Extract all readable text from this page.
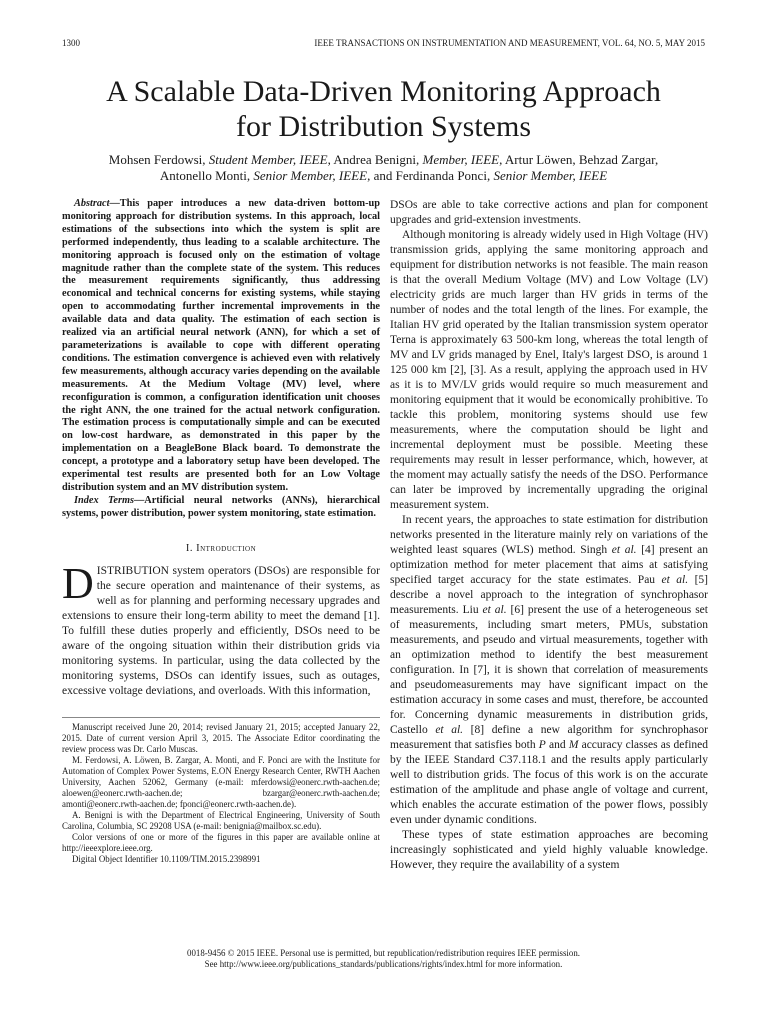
1300	IEEE TRANSACTIONS ON INSTRUMENTATION AND MEASUREMENT, VOL. 64, NO. 5, MAY 2015
A Scalable Data-Driven Monitoring Approach
for Distribution Systems
Mohsen Ferdowsi, Student Member, IEEE, Andrea Benigni, Member, IEEE, Artur Löwen, Behzad Zargar,
Antonello Monti, Senior Member, IEEE, and Ferdinanda Ponci, Senior Member, IEEE

Abstract—This paper introduces a new data-driven bottom-up monitoring approach for distribution systems. In this approach, local estimations of the subsections into which the system is split are performed independently, thus leading to a scalable architecture. The monitoring approach is focused only on the estimation of voltage magnitude rather than the complete state of the system. This reduces the measurement requirements significantly, thus addressing economical and technical concerns for existing systems, while staying open to accommodating further incremental improvements in the available data and data quality. The estimation of each section is realized via an artificial neural network (ANN), for which a set of parameterizations is available to cope with different operating conditions. The estimation convergence is achieved even with relatively few measurements, although accuracy varies depending on the available measurements. At the Medium Voltage (MV) level, where reconfiguration is common, a configuration identification unit chooses the right ANN, the one trained for the actual network configuration. The estimation process is computationally simple and can be executed on low-cost hardware, as demonstrated in this paper by the implementation on a BeagleBone Black board. To demonstrate the concept, a prototype and a laboratory setup have been developed. The experimental test results are presented both for an Low Voltage distribution system and an MV distribution system.

Index Terms—Artificial neural networks (ANNs), hierarchical systems, power distribution, power system monitoring, state estimation.

I. Introduction

DISTRIBUTION system operators (DSOs) are responsible for the secure operation and maintenance of their systems, as well as for planning and performing necessary upgrades and extensions to ensure their long-term ability to meet the demand [1]. To fulfill these duties properly and efficiently, DSOs need to be aware of the ongoing situation within their distribution grids via monitoring systems. In particular, using the data collected by the monitoring systems, DSOs can identify issues, such as outages, excessive voltage deviations, and overloads. With this information,

Manuscript received June 20, 2014; revised January 21, 2015; accepted January 22, 2015. Date of current version April 3, 2015. The Associate Editor coordinating the review process was Dr. Carlo Muscas.

M. Ferdowsi, A. Löwen, B. Zargar, A. Monti, and F. Ponci are with the Institute for Automation of Complex Power Systems, E.ON Energy Research Center, RWTH Aachen University, Aachen 52062, Germany (e-mail: mferdowsi@eonerc.rwth-aachen.de; aloewen@eonerc.rwth-aachen.de; bzargar@eonerc.rwth-aachen.de; amonti@eonerc.rwth-aachen.de; fponci@eonerc.rwth-aachen.de).

A. Benigni is with the Department of Electrical Engineering, University of South Carolina, Columbia, SC 29208 USA (e-mail: benignia@mailbox.sc.edu).

Color versions of one or more of the figures in this paper are available online at http://ieeexplore.ieee.org.

Digital Object Identifier 10.1109/TIM.2015.2398991

DSOs are able to take corrective actions and plan for component upgrades and grid-extension investments.

Although monitoring is already widely used in High Voltage (HV) transmission grids, applying the same monitoring approach and equipment for distribution networks is not feasible. The main reason is that the overall Medium Voltage (MV) and Low Voltage (LV) electricity grids are much larger than HV grids in terms of the number of nodes and the total length of the lines. For example, the Italian HV grid operated by the Italian transmission system operator Terna is approximately 63 500-km long, whereas the total length of MV and LV grids managed by Enel, Italy's largest DSO, is around 1 125 000 km [2], [3]. As a result, applying the approach used in HV as it is to MV/LV grids would require so much measurement and monitoring equipment that it would be economically prohibitive. To tackle this problem, monitoring systems should use few measurements, where the computation should be light and incremental deployment must be possible. Meeting these requirements may result in lesser performance, which, however, at the moment may actually satisfy the needs of the DSO. Performance can later be improved by incrementally upgrading the original measurement system.

In recent years, the approaches to state estimation for distribution networks presented in the literature mainly rely on variations of the weighted least squares (WLS) method. Singh et al. [4] present an optimization method for meter placement that aims at satisfying specified target accuracy for the state estimates. Pau et al. [5] describe a novel approach to the integration of synchrophasor measurements. Liu et al. [6] present the use of a heterogeneous set of measurements, including smart meters, PMUs, substation measurements, and pseudo and virtual measurements, together with an optimization method to identify the best measurement configuration. In [7], it is shown that correlation of measurements and pseudomeasurements may have significant impact on the estimation accuracy in some cases and must, therefore, be accounted for. Concerning dynamic measurements in distribution grids, Castello et al. [8] define a new algorithm for synchrophasor measurement that satisfies both P and M accuracy classes as defined by the IEEE Standard C37.118.1 and the results apply particularly well to distribution grids. The focus of this work is on the accurate estimation of the amplitude and phase angle of voltage and current, which enables the accurate estimation of the power flows, possibly even under dynamic conditions.

These types of state estimation approaches are becoming increasingly sophisticated and yield highly valuable knowledge. However, they require the availability of a system

0018-9456 © 2015 IEEE. Personal use is permitted, but republication/redistribution requires IEEE permission.
See http://www.ieee.org/publications_standards/publications/rights/index.html for more information.
